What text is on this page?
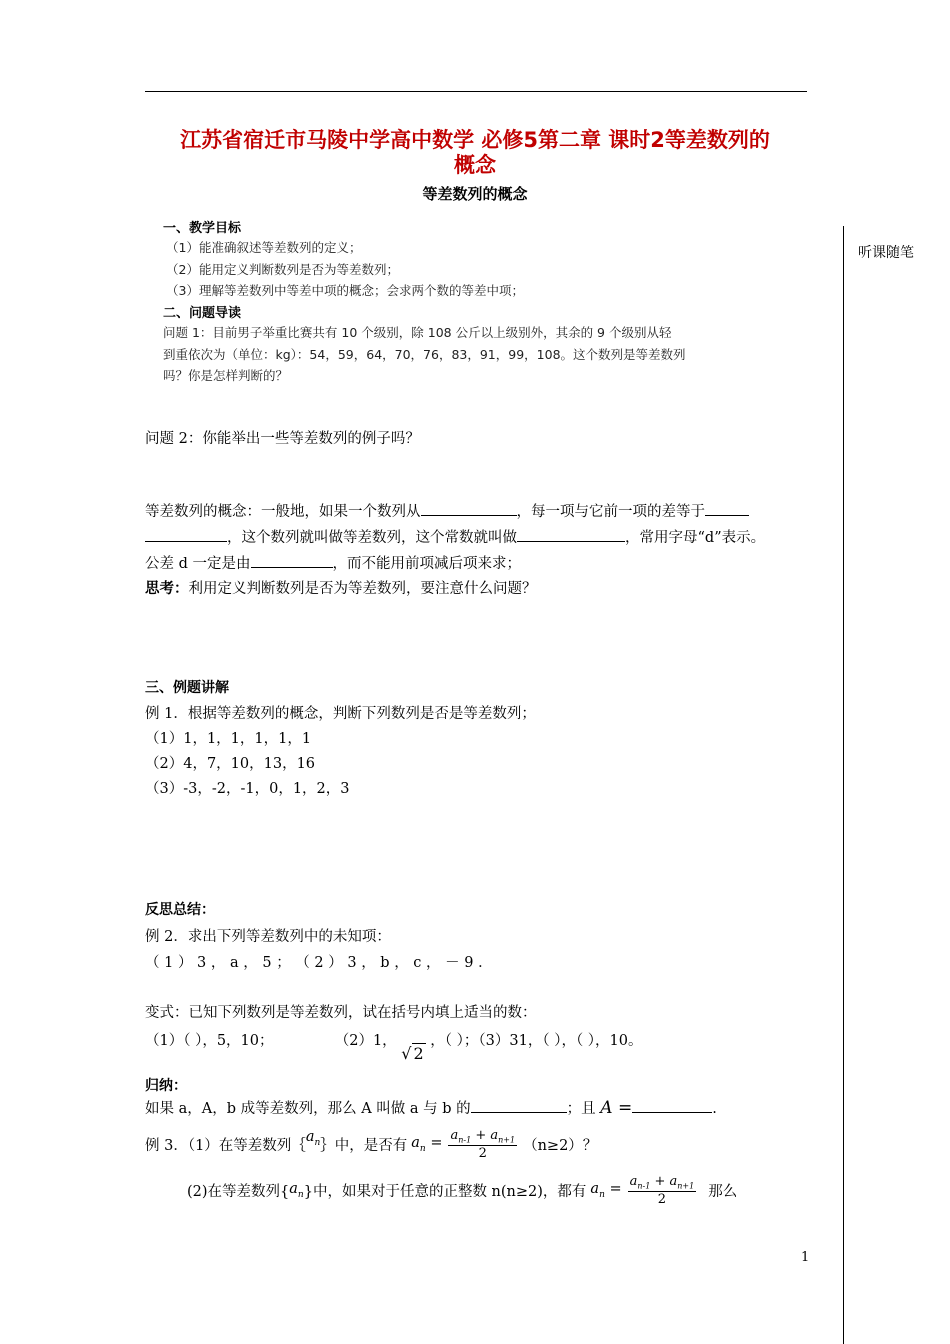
江苏省宿迁市马陵中学高中数学 必修5第二章 课时2等差数列的
概念
等差数列的概念
听课随笔
一、教学目标
（1）能准确叙述等差数列的定义；
（2）能用定义判断数列是否为等差数列；
（3）理解等差数列中等差中项的概念；会求两个数的等差中项；
二、问题导读
问题 1：目前男子举重比赛共有 10 个级别，除 108 公斤以上级别外，其余的 9 个级别从轻
到重依次为（单位：kg）：54，59，64，70，76，83，91，99，108。这个数列是等差数列
吗？你是怎样判断的？
问题 2：你能举出一些等差数列的例子吗？
等差数列的概念：一般地，如果一个数列从	，每一项与它前一项的差等于
，这个数列就叫做等差数列，这个常数就叫做	，常用字母“d”表示。
公差 d 一定是由	，而不能用前项减后项来求；
思考：利用定义判断数列是否为等差数列，要注意什么问题？
三、例题讲解
例 1．根据等差数列的概念，判断下列数列是否是等差数列；
（1）1，1，1，1，1，1
（2）4，7，10，13，16
（3）-3，-2，-1，0，1，2，3
反思总结：
例 2．求出下列等差数列中的未知项：
（ 1 ） 3 ， a ， 5 ； （ 2 ） 3 ， b ， c ， － 9 ．
变式：已知下列数列是等差数列，试在括号内填上适当的数：
（1）（ ），5，10；	（2）1， √ 2 ，（ ）；（3）31，（ ），（ ），10。
归纳：
如果 a，A，b 成等差数列，那么 A 叫做 a 与 b 的	；且 A =	.
例 3．（1）在等差数列｛
$a_n$ ｝中，是否有 $a_n = \frac{a_{n-1} + a_{n+1}}{2} (n\ge 2)$？
(2)在等差数列{ $a_n$ }中，如果对于任意的正整数 n(n≥2)，都有 $a_n = \frac{a_{n-1} + a_{n+1}}{2}$ 那么
1
